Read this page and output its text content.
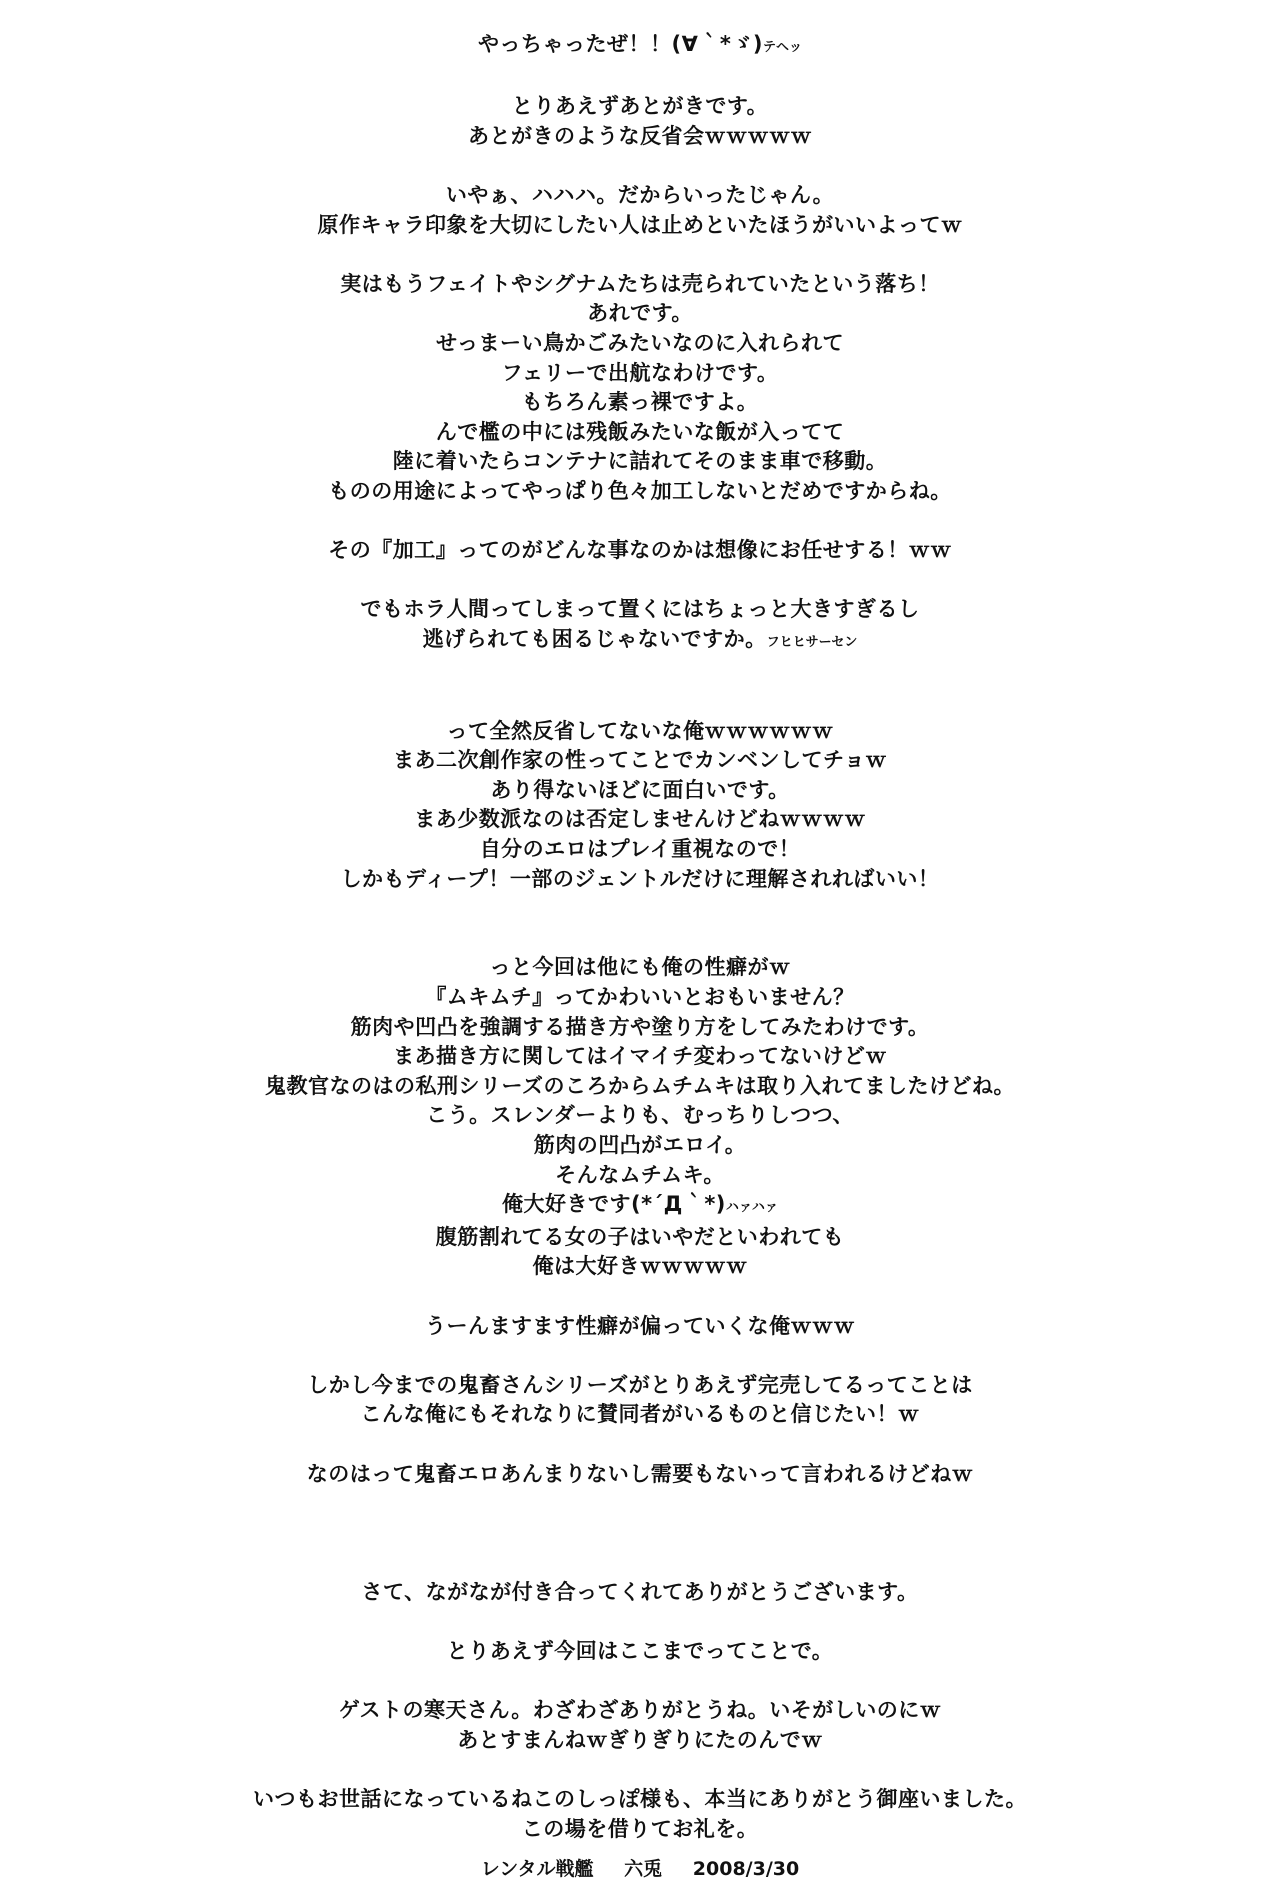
やっちゃったぜ！！(∀｀*ゞ)テヘッ
とりあえずあとがきです。
あとがきのような反省会ｗｗｗｗｗ
いやぁ、ハハハ。だからいったじゃん。
原作キャラ印象を大切にしたい人は止めといたほうがいいよってｗ
実はもうフェイトやシグナムたちは売られていたという落ち！
あれです。
せっまーい鳥かごみたいなのに入れられて
フェリーで出航なわけです。
もちろん素っ裸ですよ。
んで檻の中には残飯みたいな飯が入ってて
陸に着いたらコンテナに詰れてそのまま車で移動。
ものの用途によってやっぱり色々加工しないとだめですからね。
その『加工』ってのがどんな事なのかは想像にお任せする！ｗｗ
でもホラ人間ってしまって置くにはちょっと大きすぎるし
逃げられても困るじゃないですか。フヒヒサーセン
って全然反省してないな俺ｗｗｗｗｗｗ
まあ二次創作家の性ってことでカンベンしてチョｗ
あり得ないほどに面白いです。
まあ少数派なのは否定しませんけどねｗｗｗｗ
自分のエロはプレイ重視なので！
しかもディープ！一部のジェントルだけに理解されればいい！
っと今回は他にも俺の性癖がｗ
『ムキムチ』ってかわいいとおもいません？
筋肉や凹凸を強調する描き方や塗り方をしてみたわけです。
まあ描き方に関してはイマイチ変わってないけどｗ
鬼教官なのはの私刑シリーズのころからムチムキは取り入れてましたけどね。
こう。スレンダーよりも、むっちりしつつ、
筋肉の凹凸がエロイ。
そんなムチムキ。
俺大好きです(*´Д｀*)ハァハァ
腹筋割れてる女の子はいやだといわれても
俺は大好きｗｗｗｗｗ
うーんますます性癖が偏っていくな俺ｗｗｗ
しかし今までの鬼畜さんシリーズがとりあえず完売してるってことは
こんな俺にもそれなりに賛同者がいるものと信じたい！ｗ
なのはって鬼畜エロあんまりないし需要もないって言われるけどねｗ
さて、ながなが付き合ってくれてありがとうございます。
とりあえず今回はここまでってことで。
ゲストの寒天さん。わざわざありがとうね。いそがしいのにｗ
あとすまんねｗぎりぎりにたのんでｗ
いつもお世話になっているねこのしっぽ様も、本当にありがとう御座いました。
この場を借りてお礼を。
レンタル戦艦 六兎 2008/3/30
